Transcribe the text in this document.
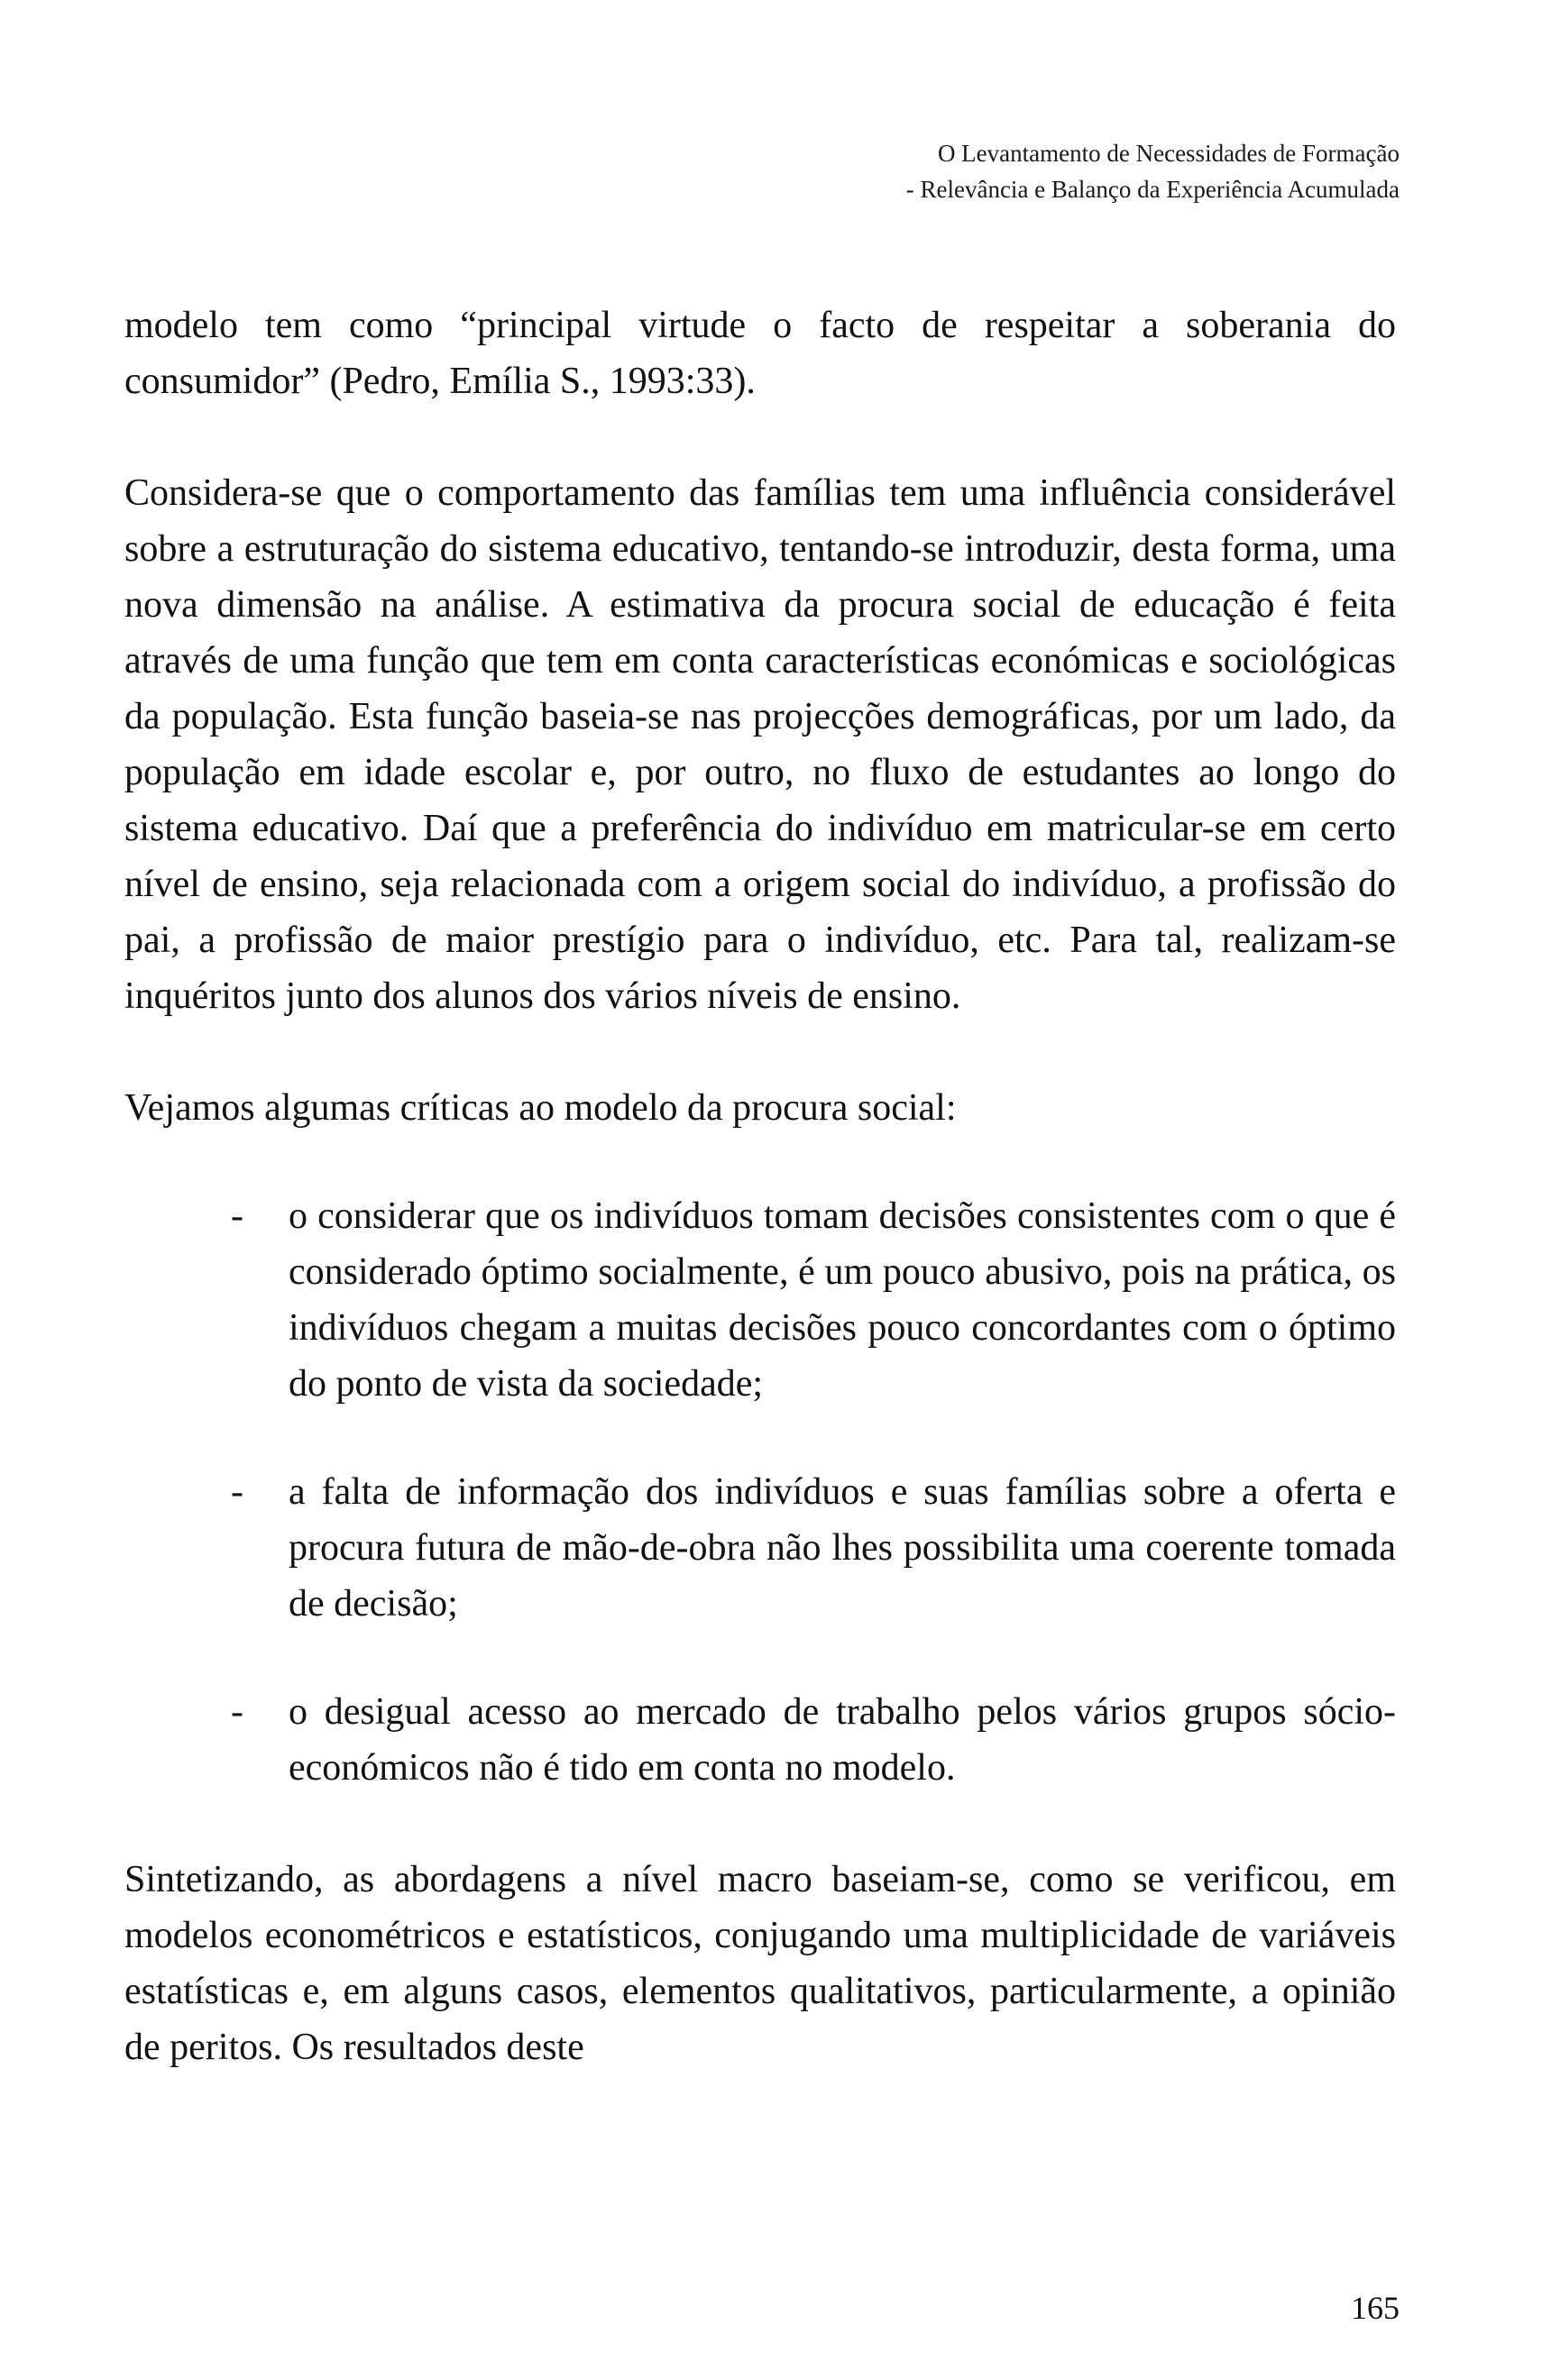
O Levantamento de Necessidades de Formação
- Relevância e Balanço da Experiência Acumulada

modelo tem como “principal virtude o facto de respeitar a soberania do consumidor” (Pedro, Emília S., 1993:33).

Considera-se que o comportamento das famílias tem uma influência considerável sobre a estruturação do sistema educativo, tentando-se introduzir, desta forma, uma nova dimensão na análise. A estimativa da procura social de educação é feita através de uma função que tem em conta características económicas e sociológicas da população. Esta função baseia-se nas projecções demográficas, por um lado, da população em idade escolar e, por outro, no fluxo de estudantes ao longo do sistema educativo. Daí que a preferência do indivíduo em matricular-se em certo nível de ensino, seja relacionada com a origem social do indivíduo, a profissão do pai, a profissão de maior prestígio para o indivíduo, etc. Para tal, realizam-se inquéritos junto dos alunos dos vários níveis de ensino.

Vejamos algumas críticas ao modelo da procura social:

- o considerar que os indivíduos tomam decisões consistentes com o que é considerado óptimo socialmente, é um pouco abusivo, pois na prática, os indivíduos chegam a muitas decisões pouco concordantes com o óptimo do ponto de vista da sociedade;
- a falta de informação dos indivíduos e suas famílias sobre a oferta e procura futura de mão-de-obra não lhes possibilita uma coerente tomada de decisão;
- o desigual acesso ao mercado de trabalho pelos vários grupos sócio-económicos não é tido em conta no modelo.

Sintetizando, as abordagens a nível macro baseiam-se, como se verificou, em modelos econométricos e estatísticos, conjugando uma multiplicidade de variáveis estatísticas e, em alguns casos, elementos qualitativos, particularmente, a opinião de peritos. Os resultados deste

165
